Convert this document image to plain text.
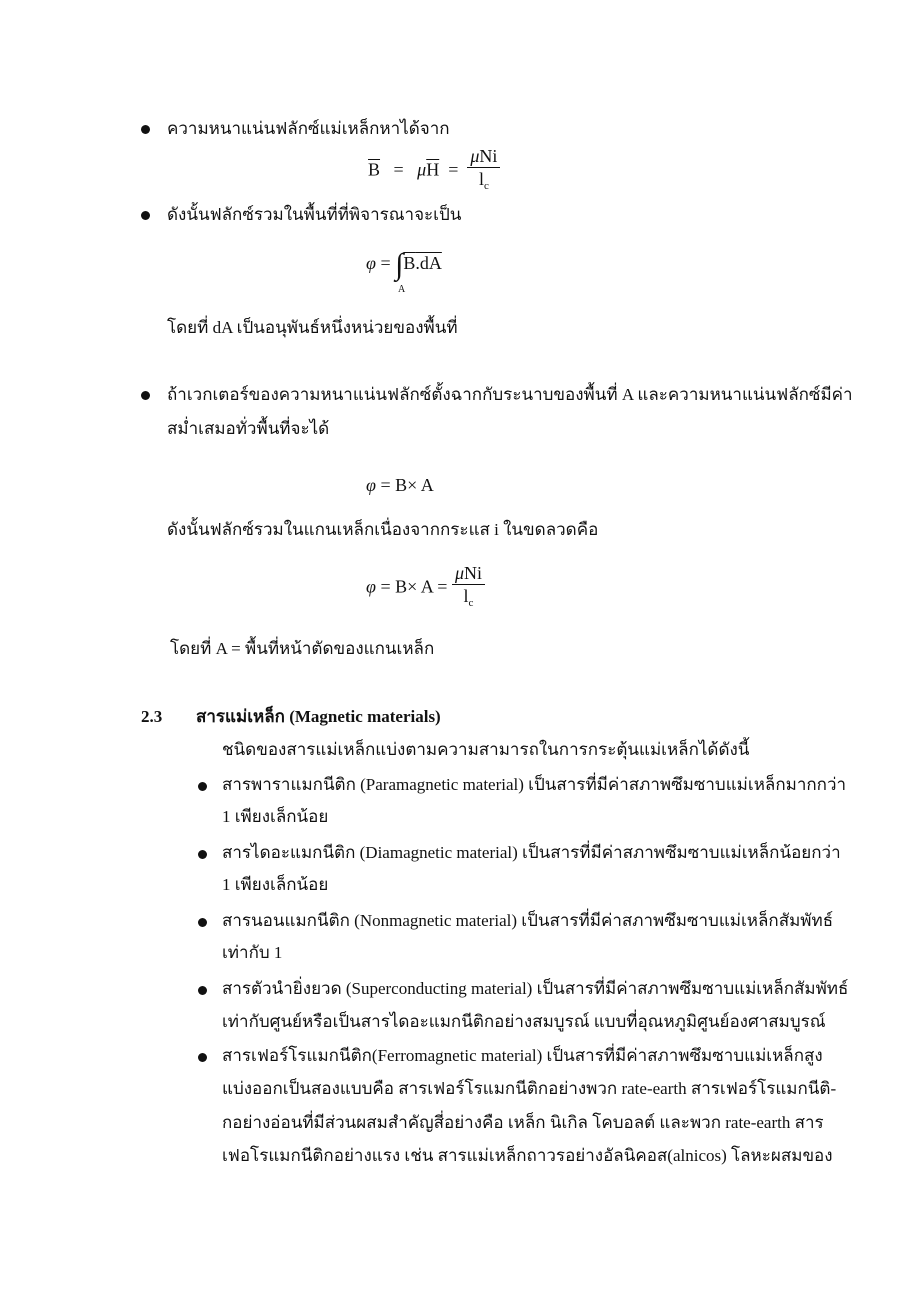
ความหนาแน่นฟลักซ์แม่เหล็กหาได้จาก
$\overline{B} = \mu\overline{H} = \frac{\text{μNi}}{l_c}$
ดังนั้นฟลักซ์รวมในพื้นที่ที่พิจารณาจะเป็น
$\varphi = \int\overline{B}.dA$
A
โดยที่ dA เป็นอนุพันธ์หนึ่งหน่วยของพื้นที่
ถ้าเวกเตอร์ของความหนาแน่นฟลักซ์ตั้งฉากกับระนาบของพื้นที่ A และความหนาแน่นฟลักซ์มีค่า
สม่ำเสมอทั่วพื้นที่จะได้
φ = B× A
ดังนั้นฟลักซ์รวมในแกนเหล็กเนื่องจากกระแส i ในขดลวดคือ
$\varphi = B\times A = \frac{\text{μNi}}{l_c}$
โดยที่ A = พื้นที่หน้าตัดของแกนเหล็ก
2.3 สารแม่เหล็ก (Magnetic materials)
ชนิดของสารแม่เหล็กแบ่งตามความสามารถในการกระตุ้นแม่เหล็กได้ดังนี้
สารพาราแมกนีติก (Paramagnetic material) เป็นสารที่มีค่าสภาพซึมซาบแม่เหล็กมากกว่า
1 เพียงเล็กน้อย
สารไดอะแมกนีติก (Diamagnetic material) เป็นสารที่มีค่าสภาพซึมซาบแม่เหล็กน้อยกว่า
1 เพียงเล็กน้อย
สารนอนแมกนีติก (Nonmagnetic material) เป็นสารที่มีค่าสภาพซึมซาบแม่เหล็กสัมพัทธ์
เท่ากับ 1
สารตัวนำยิ่งยวด (Superconducting material) เป็นสารที่มีค่าสภาพซึมซาบแม่เหล็กสัมพัทธ์
เท่ากับศูนย์หรือเป็นสารไดอะแมกนีติกอย่างสมบูรณ์ แบบที่อุณหภูมิศูนย์องศาสมบูรณ์
สารเฟอร์โรแมกนีติก(Ferromagnetic material) เป็นสารที่มีค่าสภาพซึมซาบแม่เหล็กสูง
แบ่งออกเป็นสองแบบคือ สารเฟอร์โรแมกนีติกอย่างพวก rate-earth สารเฟอร์โรแมกนีติ-
กอย่างอ่อนที่มีส่วนผสมสำคัญสี่อย่างคือ เหล็ก นิเกิล โคบอลต์ และพวก rate-earth สาร
เฟอโรแมกนีติกอย่างแรง เช่น สารแม่เหล็กถาวรอย่างอัลนิคอส(alnicos) โลหะผสมของ
